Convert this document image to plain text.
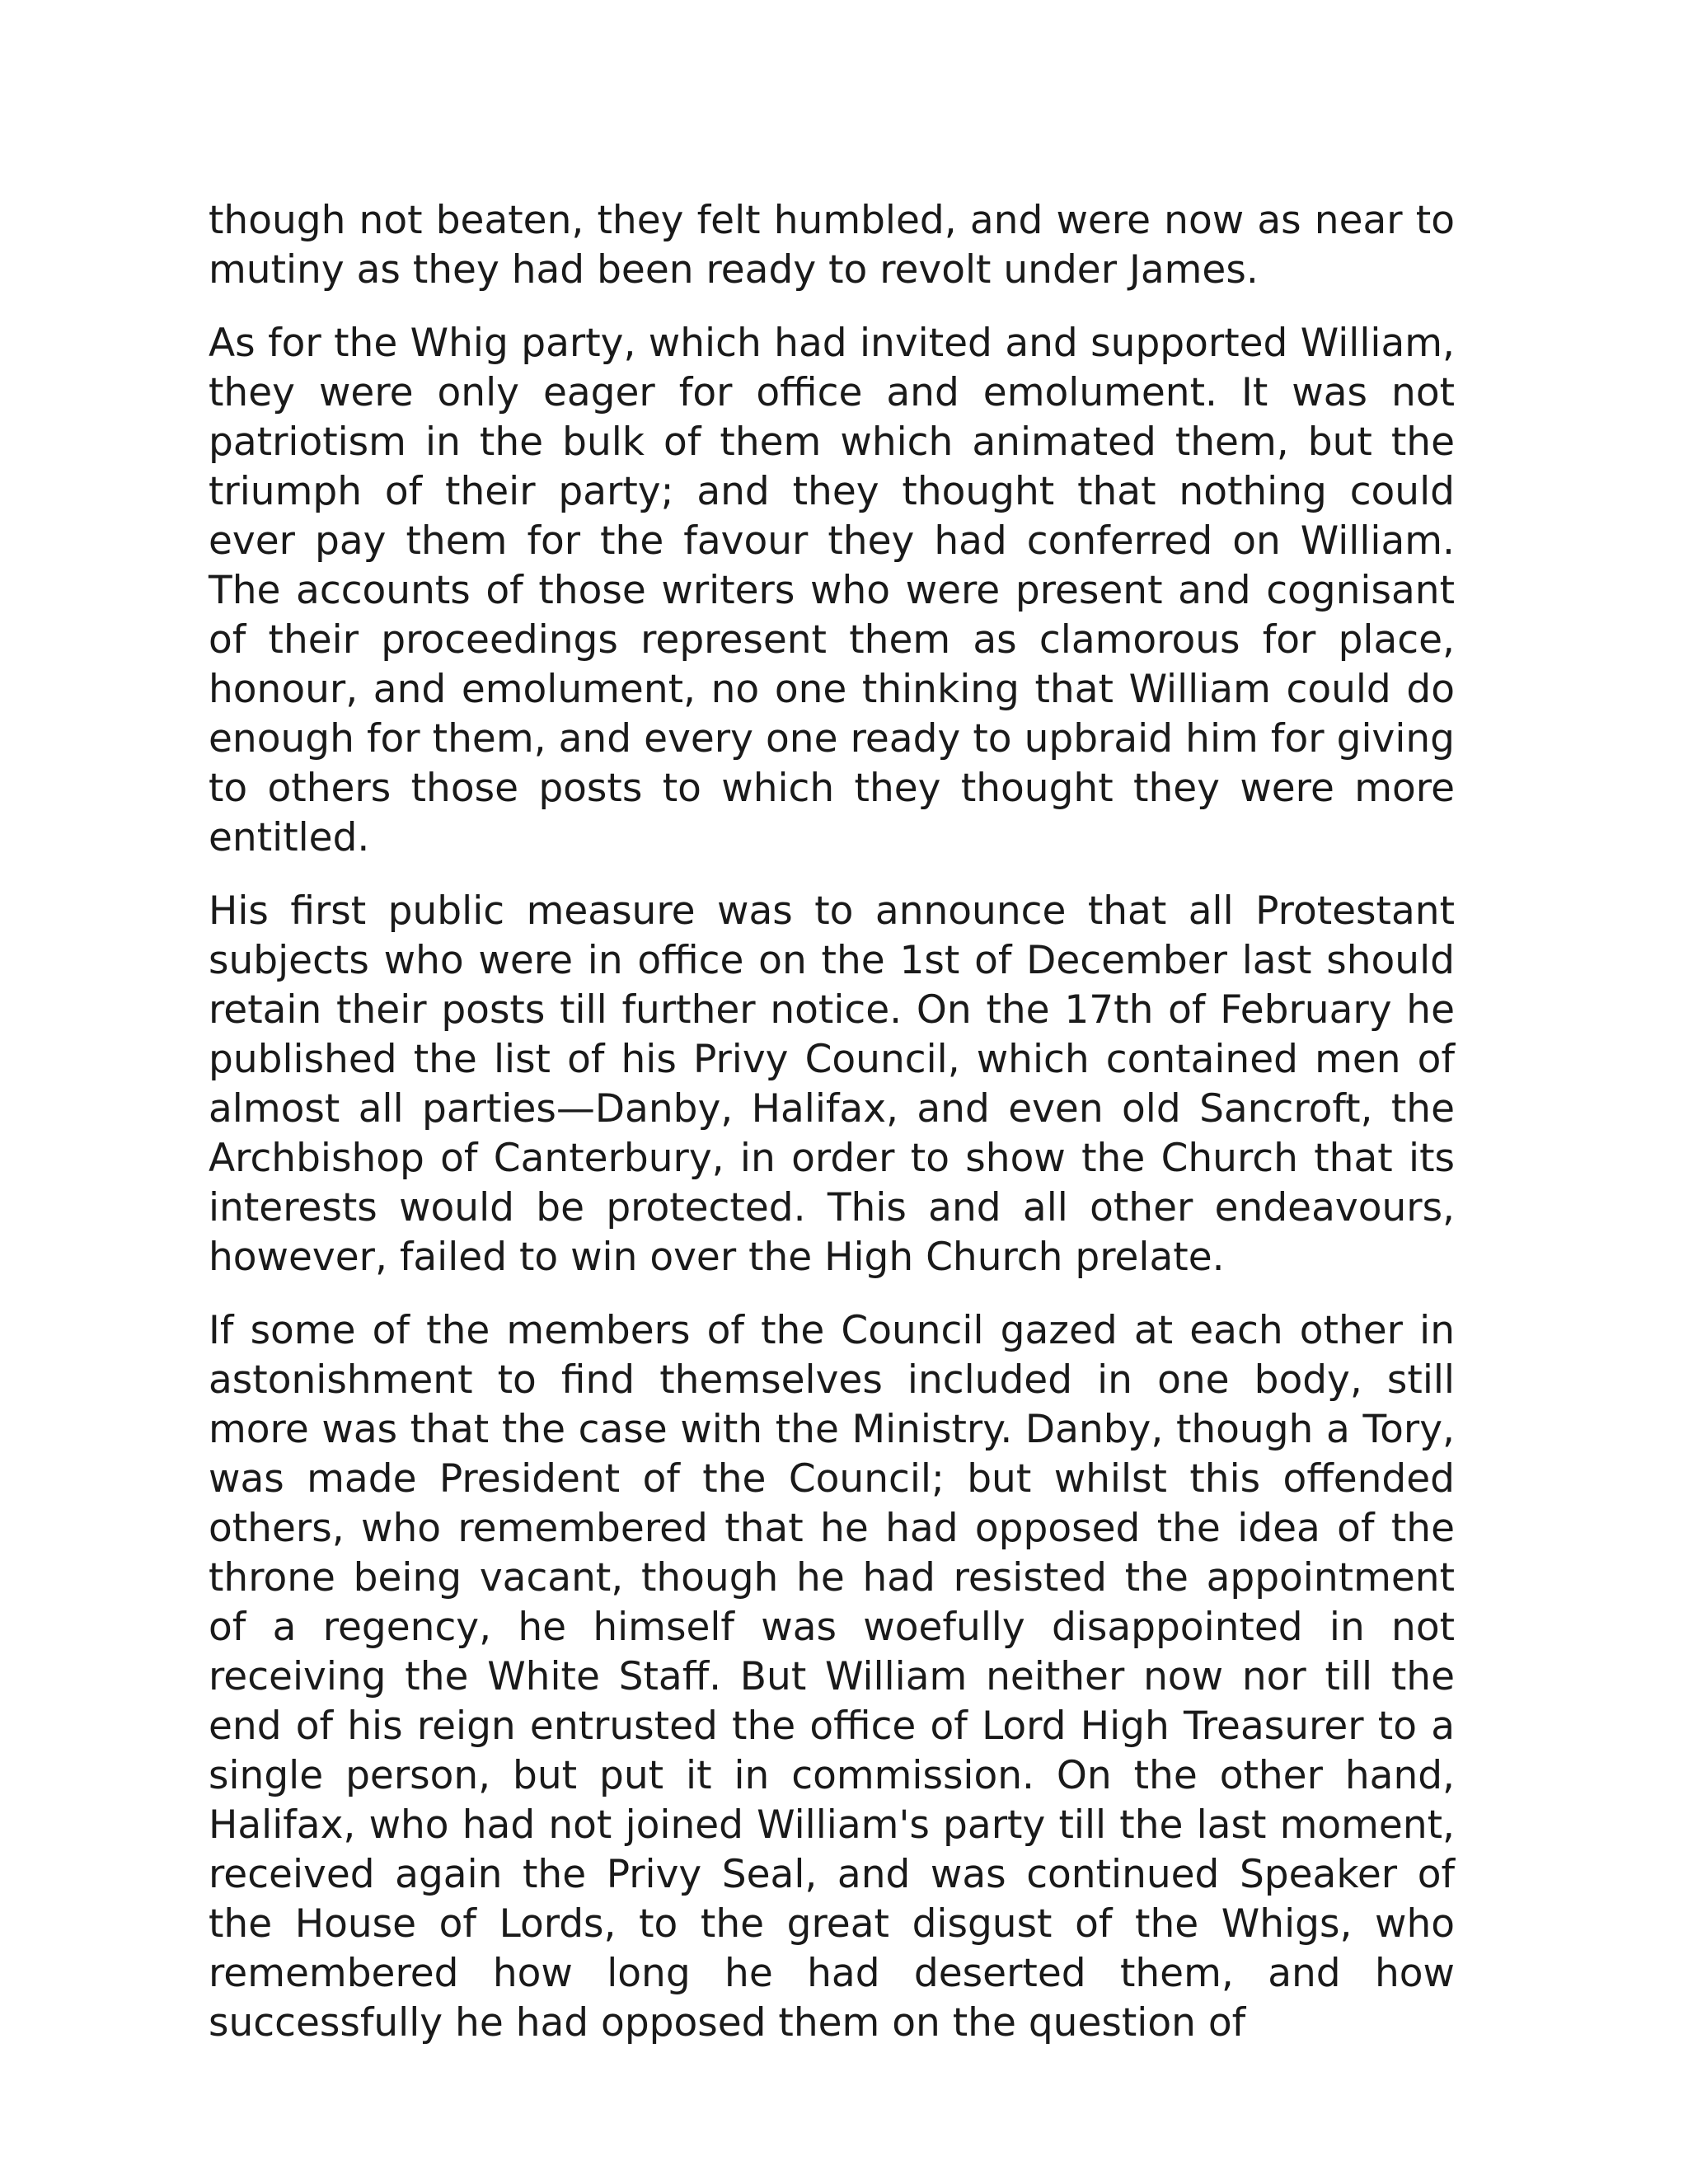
though not beaten, they felt humbled, and were now as near to mutiny as they had been ready to revolt under James.

As for the Whig party, which had invited and supported William, they were only eager for office and emolument. It was not patriotism in the bulk of them which animated them, but the triumph of their party; and they thought that nothing could ever pay them for the favour they had conferred on William. The accounts of those writers who were present and cognisant of their proceedings represent them as clamorous for place, honour, and emolument, no one thinking that William could do enough for them, and every one ready to upbraid him for giving to others those posts to which they thought they were more entitled.

His first public measure was to announce that all Protestant subjects who were in office on the 1st of December last should retain their posts till further notice. On the 17th of February he published the list of his Privy Council, which contained men of almost all parties—Danby, Halifax, and even old Sancroft, the Archbishop of Canterbury, in order to show the Church that its interests would be protected. This and all other endeavours, however, failed to win over the High Church prelate.

If some of the members of the Council gazed at each other in astonishment to find themselves included in one body, still more was that the case with the Ministry. Danby, though a Tory, was made President of the Council; but whilst this offended others, who remembered that he had opposed the idea of the throne being vacant, though he had resisted the appointment of a regency, he himself was woefully disappointed in not receiving the White Staff. But William neither now nor till the end of his reign entrusted the office of Lord High Treasurer to a single person, but put it in commission. On the other hand, Halifax, who had not joined William's party till the last moment, received again the Privy Seal, and was continued Speaker of the House of Lords, to the great disgust of the Whigs, who remembered how long he had deserted them, and how successfully he had opposed them on the question of
